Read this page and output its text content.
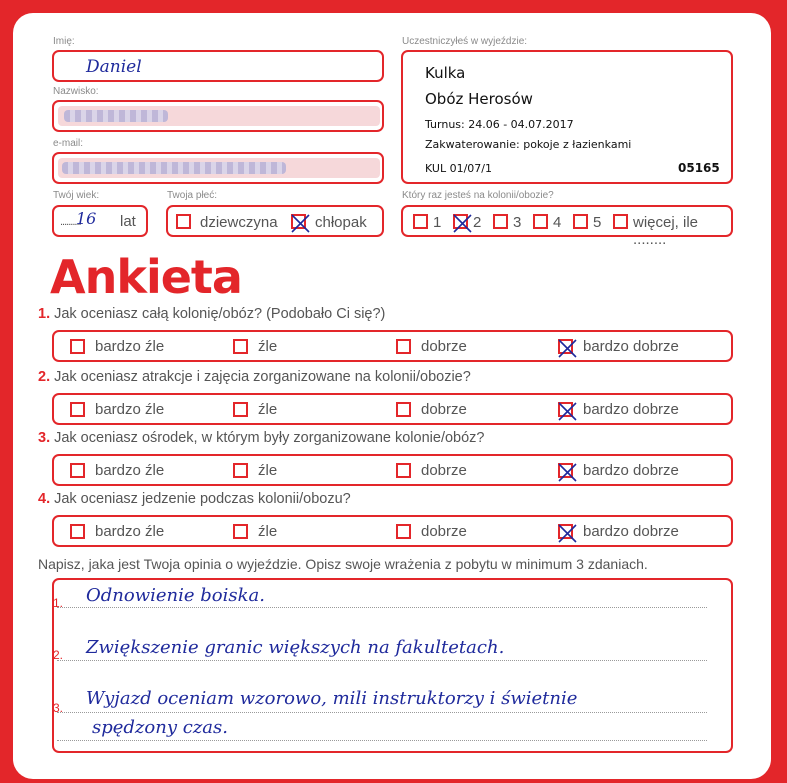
Imię:
Daniel
Nazwisko:
e-mail:
Twój wiek:
..........
16 lat
Twoja płeć:
dziewczyna chłopak
Uczestniczyłeś w wyjeździe:
Kulka
Obóz Herosów
Turnus: 24.06 - 04.07.2017
Zakwaterowanie: pokoje z łazienkami
KUL 01/07/1	05165
Który raz jesteś na kolonii/obozie?
1 2 3 4 5 więcej, ile ........
Ankieta
1. Jak oceniasz całą kolonię/obóz? (Podobało Ci się?)
bardzo źle	źle	dobrze	bardzo dobrze
2. Jak oceniasz atrakcje i zajęcia zorganizowane na kolonii/obozie?
bardzo źle	źle	dobrze	bardzo dobrze
3. Jak oceniasz ośrodek, w którym były zorganizowane kolonie/obóz?
bardzo źle	źle	dobrze	bardzo dobrze
4. Jak oceniasz jedzenie podczas kolonii/obozu?
bardzo źle	źle	dobrze	bardzo dobrze
Napisz, jaka jest Twoja opinia o wyjeździe. Opisz swoje wrażenia z pobytu w minimum 3 zdaniach.
1. Odnowienie boiska.
2. Zwiększenie granic większych na fakultetach.
3. Wyjazd oceniam wzorowo, mili instruktorzy i świetnie
spędzony czas.
